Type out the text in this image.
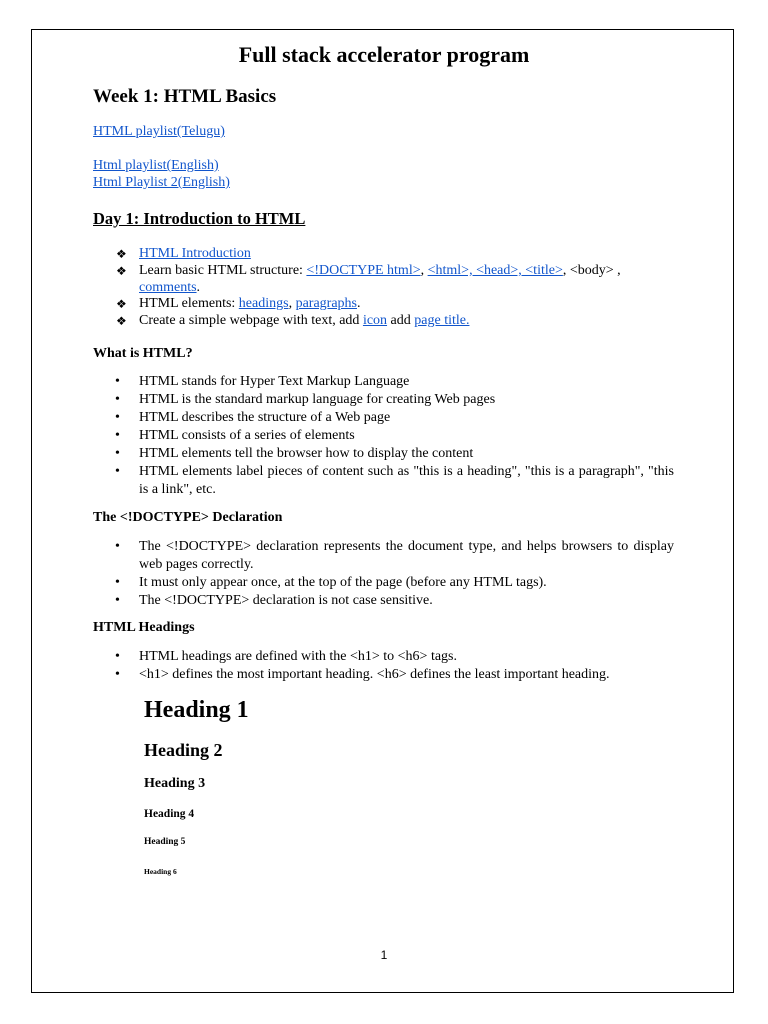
Full stack accelerator program
Week 1: HTML Basics
HTML playlist(Telugu)
Html playlist(English)
Html Playlist 2(English)
Day 1: Introduction to HTML
❖ HTML Introduction
❖ Learn basic HTML structure: <!DOCTYPE html>, <html>, <head>, <title>, <body> , comments.
❖ HTML elements: headings, paragraphs.
❖ Create a simple webpage with text, add icon add page title.
What is HTML?
• HTML stands for Hyper Text Markup Language
• HTML is the standard markup language for creating Web pages
• HTML describes the structure of a Web page
• HTML consists of a series of elements
• HTML elements tell the browser how to display the content
• HTML elements label pieces of content such as "this is a heading", "this is a paragraph", "this is a link", etc.
The <!DOCTYPE> Declaration
• The <!DOCTYPE> declaration represents the document type, and helps browsers to display web pages correctly.
• It must only appear once, at the top of the page (before any HTML tags).
• The <!DOCTYPE> declaration is not case sensitive.
HTML Headings
• HTML headings are defined with the <h1> to <h6> tags.
• <h1> defines the most important heading. <h6> defines the least important heading.
Heading 1
Heading 2
Heading 3
Heading 4
Heading 5
Heading 6
1
